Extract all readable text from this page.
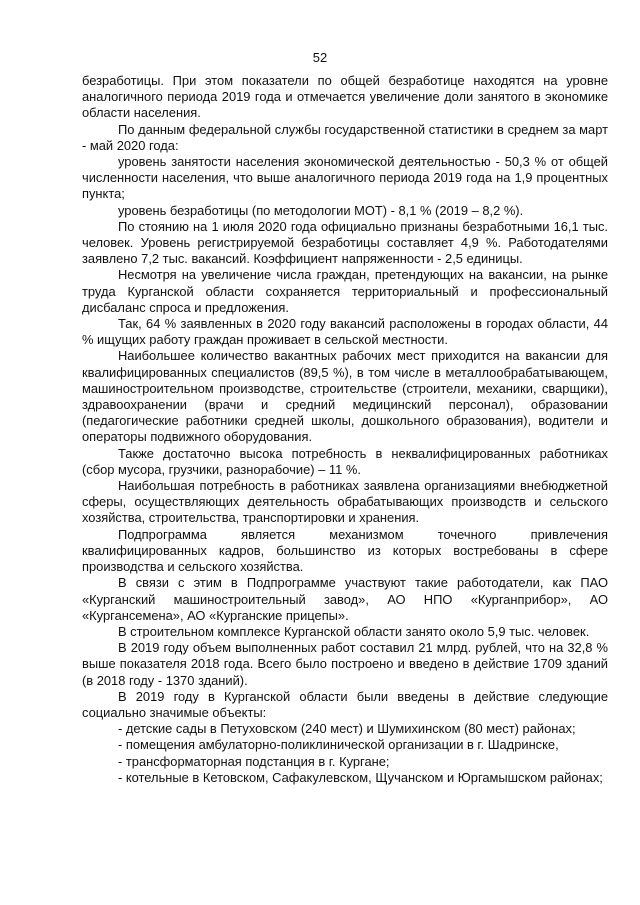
52

безработицы. При этом показатели по общей безработице находятся на уровне аналогичного периода 2019 года и отмечается увеличение доли занятого в экономике области населения.

По данным федеральной службы государственной статистики в среднем за март - май 2020 года:

уровень занятости населения экономической деятельностью - 50,3 % от общей численности населения, что выше аналогичного периода 2019 года на 1,9 процентных пункта;

уровень безработицы (по методологии МОТ) - 8,1 % (2019 – 8,2 %).

По стоянию на 1 июля 2020 года официально признаны безработными 16,1 тыс. человек. Уровень регистрируемой безработицы составляет 4,9 %. Работодателями заявлено 7,2 тыс. вакансий. Коэффициент напряженности - 2,5 единицы.

Несмотря на увеличение числа граждан, претендующих на вакансии, на рынке труда Курганской области сохраняется территориальный и профессиональный дисбаланс спроса и предложения.

Так, 64 % заявленных в 2020 году вакансий расположены в городах области, 44 % ищущих работу граждан проживает в сельской местности.

Наибольшее количество вакантных рабочих мест приходится на вакансии для квалифицированных специалистов (89,5 %), в том числе в металлообрабатывающем, машиностроительном производстве, строительстве (строители, механики, сварщики), здравоохранении (врачи и средний медицинский персонал), образовании (педагогические работники средней школы, дошкольного образования), водители и операторы подвижного оборудования.

Также достаточно высока потребность в неквалифицированных работниках (сбор мусора, грузчики, разнорабочие) – 11 %.

Наибольшая потребность в работниках заявлена организациями внебюджетной сферы, осуществляющих деятельность обрабатывающих производств и сельского хозяйства, строительства, транспортировки и хранения.

Подпрограмма является механизмом точечного привлечения квалифицированных кадров, большинство из которых востребованы в сфере производства и сельского хозяйства.

В связи с этим в Подпрограмме участвуют такие работодатели, как ПАО «Курганский машиностроительный завод», АО НПО «Курганприбор», АО «Кургансемена», АО «Курганские прицепы».

В строительном комплексе Курганской области занято около 5,9 тыс. человек.

В 2019 году объем выполненных работ составил 21 млрд. рублей, что на 32,8 % выше показателя 2018 года. Всего было построено и введено в действие 1709 зданий (в 2018 году - 1370 зданий).

В 2019 году в Курганской области были введены в действие следующие социально значимые объекты:

- детские сады в Петуховском (240 мест) и Шумихинском (80 мест) районах;

- помещения амбулаторно-поликлинической организации в г. Шадринске,

- трансформаторная подстанция в г. Кургане;

- котельные в Кетовском, Сафакулевском, Щучанском и Юргамышском районах;
